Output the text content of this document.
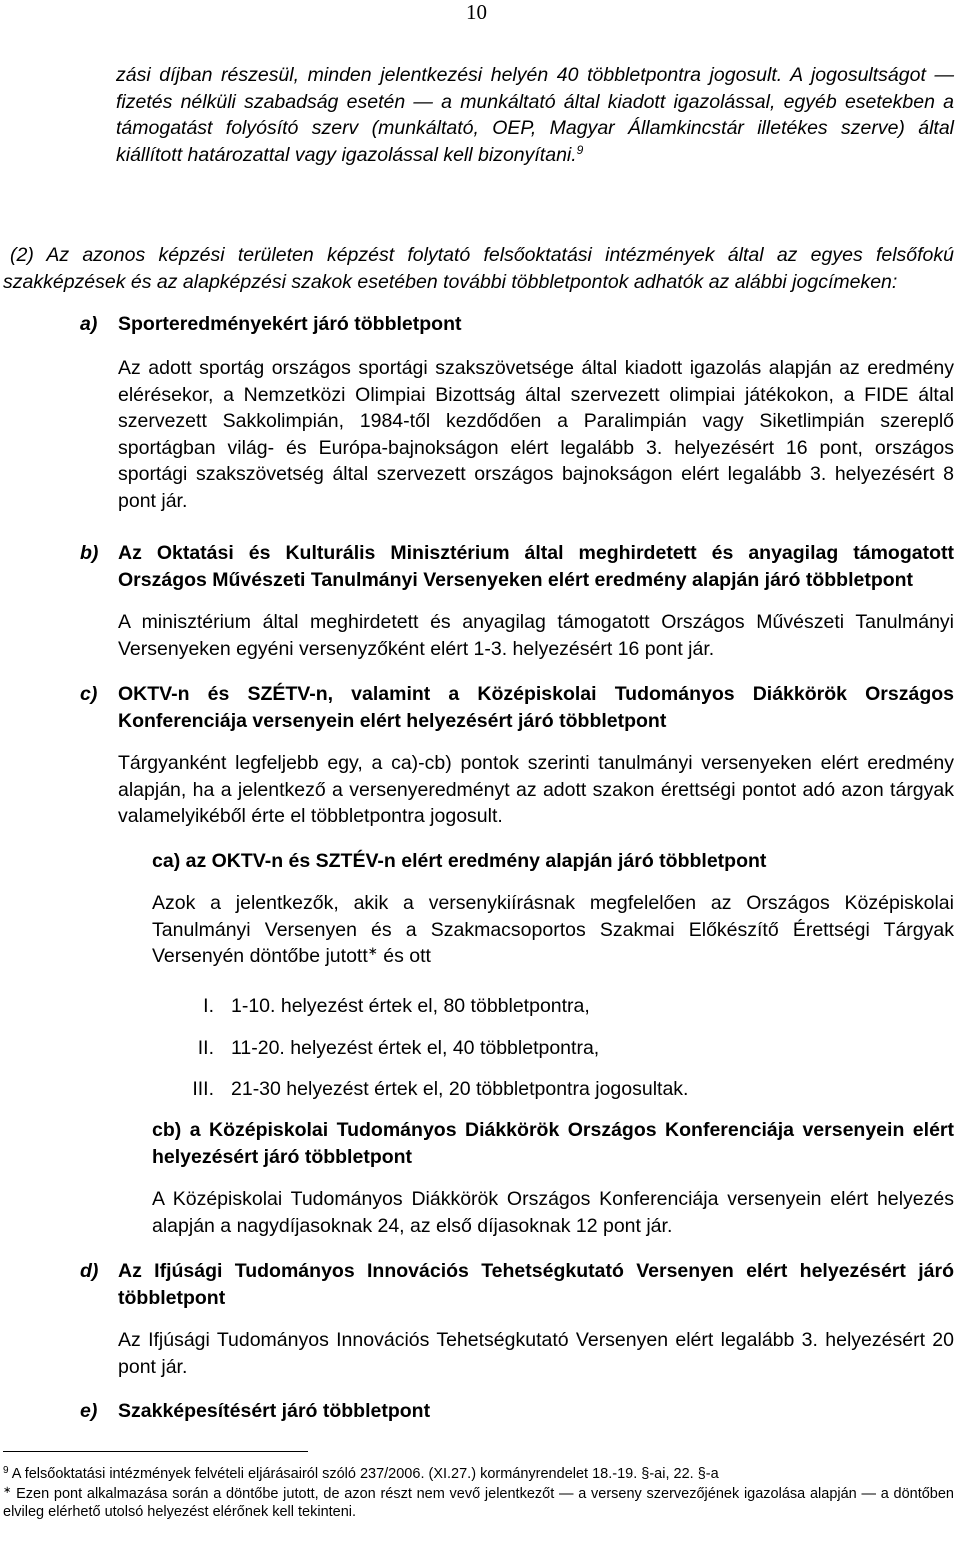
10

zási díjban részesül, minden jelentkezési helyén 40 többletpontra jogosult. A jogosultságot — fizetés nélküli szabadság esetén — a munkáltató által kiadott igazolással, egyéb esetekben a támogatást folyósító szerv (munkáltató, OEP, Magyar Államkincstár illetékes szerve) által kiállított határozattal vagy igazolással kell bizonyítani.$^9$

(2) Az azonos képzési területen képzést folytató felsőoktatási intézmények által az egyes felsőfokú szakképzések és az alapképzési szakok esetében további többletpontok adhatók az alábbi jogcímeken:

a) Sporteredményekért járó többletpont

Az adott sportág országos sportági szakszövetsége által kiadott igazolás alapján az eredmény elérésekor, a Nemzetközi Olimpiai Bizottság által szervezett olimpiai játékokon, a FIDE által szervezett Sakkolimpián, 1984-től kezdődően a Paralimpián vagy Siketlimpián szereplő sportágban világ- és Európa-bajnokságon elért legalább 3. helyezésért 16 pont, országos sportági szakszövetség által szervezett országos bajnokságon elért legalább 3. helyezésért 8 pont jár.

b) Az Oktatási és Kulturális Minisztérium által meghirdetett és anyagilag támogatott Országos Művészeti Tanulmányi Versenyeken elért eredmény alapján járó többletpont

A minisztérium által meghirdetett és anyagilag támogatott Országos Művészeti Tanulmányi Versenyeken egyéni versenyzőként elért 1-3. helyezésért 16 pont jár.

c) OKTV-n és SZÉTV-n, valamint a Középiskolai Tudományos Diákkörök Országos Konferenciája versenyein elért helyezésért járó többletpont

Tárgyanként legfeljebb egy, a ca)-cb) pontok szerinti tanulmányi versenyeken elért eredmény alapján, ha a jelentkező a versenyeredményt az adott szakon érettségi pontot adó azon tárgyak valamelyikéből érte el többletpontra jogosult.

ca) az OKTV-n és SZTÉV-n elért eredmény alapján járó többletpont

Azok a jelentkezők, akik a versenykiírásnak megfelelően az Országos Középiskolai Tanulmányi Versenyen és a Szakmacsoportos Szakmai Előkészítő Érettségi Tárgyak Versenyén döntőbe jutott∗ és ott

I. 1-10. helyezést értek el, 80 többletpontra,
II. 11-20. helyezést értek el, 40 többletpontra,
III. 21-30 helyezést értek el, 20 többletpontra jogosultak.
cb) a Középiskolai Tudományos Diákkörök Országos Konferenciája versenyein elért helyezésért járó többletpont

A Középiskolai Tudományos Diákkörök Országos Konferenciája versenyein elért helyezés alapján a nagydíjasoknak 24, az első díjasoknak 12 pont jár.

d) Az Ifjúsági Tudományos Innovációs Tehetségkutató Versenyen elért helyezésért járó többletpont

Az Ifjúsági Tudományos Innovációs Tehetségkutató Versenyen elért legalább 3. helyezésért 20 pont jár.

e) Szakképesítésért járó többletpont
$^9$ A felsőoktatási intézmények felvételi eljárásairól szóló 237/2006. (XI.27.) kormányrendelet 18.-19. §-ai, 22. §-a
∗ Ezen pont alkalmazása során a döntőbe jutott, de azon részt nem vevő jelentkezőt — a verseny szervezőjének igazolása alapján — a döntőben elvileg elérhető utolsó helyezést elérőnek kell tekinteni.
